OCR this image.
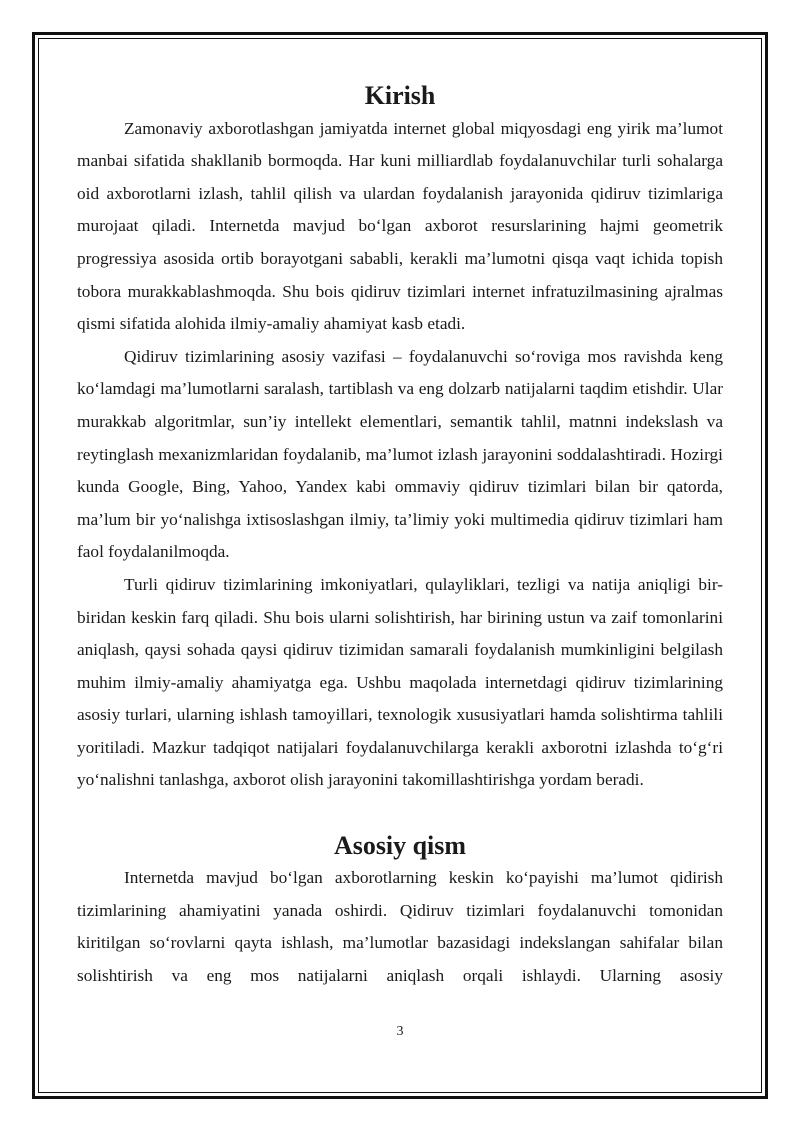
Kirish

Zamonaviy axborotlashgan jamiyatda internet global miqyosdagi eng yirik ma’lumot manbai sifatida shakllanib bormoqda. Har kuni milliardlab foydalanuvchilar turli sohalarga oid axborotlarni izlash, tahlil qilish va ulardan foydalanish jarayonida qidiruv tizimlariga murojaat qiladi. Internetda mavjud bo‘lgan axborot resurslarining hajmi geometrik progressiya asosida ortib borayotgani sababli, kerakli ma’lumotni qisqa vaqt ichida topish tobora murakkablashmoqda. Shu bois qidiruv tizimlari internet infratuzilmasining ajralmas qismi sifatida alohida ilmiy-amaliy ahamiyat kasb etadi.

Qidiruv tizimlarining asosiy vazifasi – foydalanuvchi so‘roviga mos ravishda keng ko‘lamdagi ma’lumotlarni saralash, tartiblash va eng dolzarb natijalarni taqdim etishdir. Ular murakkab algoritmlar, sun’iy intellekt elementlari, semantik tahlil, matnni indekslash va reytinglash mexanizmlaridan foydalanib, ma’lumot izlash jarayonini soddalashtiradi. Hozirgi kunda Google, Bing, Yahoo, Yandex kabi ommaviy qidiruv tizimlari bilan bir qatorda, ma’lum bir yo‘nalishga ixtisoslashgan ilmiy, ta’limiy yoki multimedia qidiruv tizimlari ham faol foydalanilmoqda.

Turli qidiruv tizimlarining imkoniyatlari, qulayliklari, tezligi va natija aniqligi bir-biridan keskin farq qiladi. Shu bois ularni solishtirish, har birining ustun va zaif tomonlarini aniqlash, qaysi sohada qaysi qidiruv tizimidan samarali foydalanish mumkinligini belgilash muhim ilmiy-amaliy ahamiyatga ega. Ushbu maqolada internetdagi qidiruv tizimlarining asosiy turlari, ularning ishlash tamoyillari, texnologik xususiyatlari hamda solishtirma tahlili yoritiladi. Mazkur tadqiqot natijalari foydalanuvchilarga kerakli axborotni izlashda to‘g‘ri yo‘nalishni tanlashga, axborot olish jarayonini takomillashtirishga yordam beradi.

Asosiy qism

Internetda mavjud bo‘lgan axborotlarning keskin ko‘payishi ma’lumot qidirish tizimlarining ahamiyatini yanada oshirdi. Qidiruv tizimlari foydalanuvchi tomonidan kiritilgan so‘rovlarni qayta ishlash, ma’lumotlar bazasidagi indekslangan sahifalar bilan solishtirish va eng mos natijalarni aniqlash orqali ishlaydi. Ularning asosiy

3
